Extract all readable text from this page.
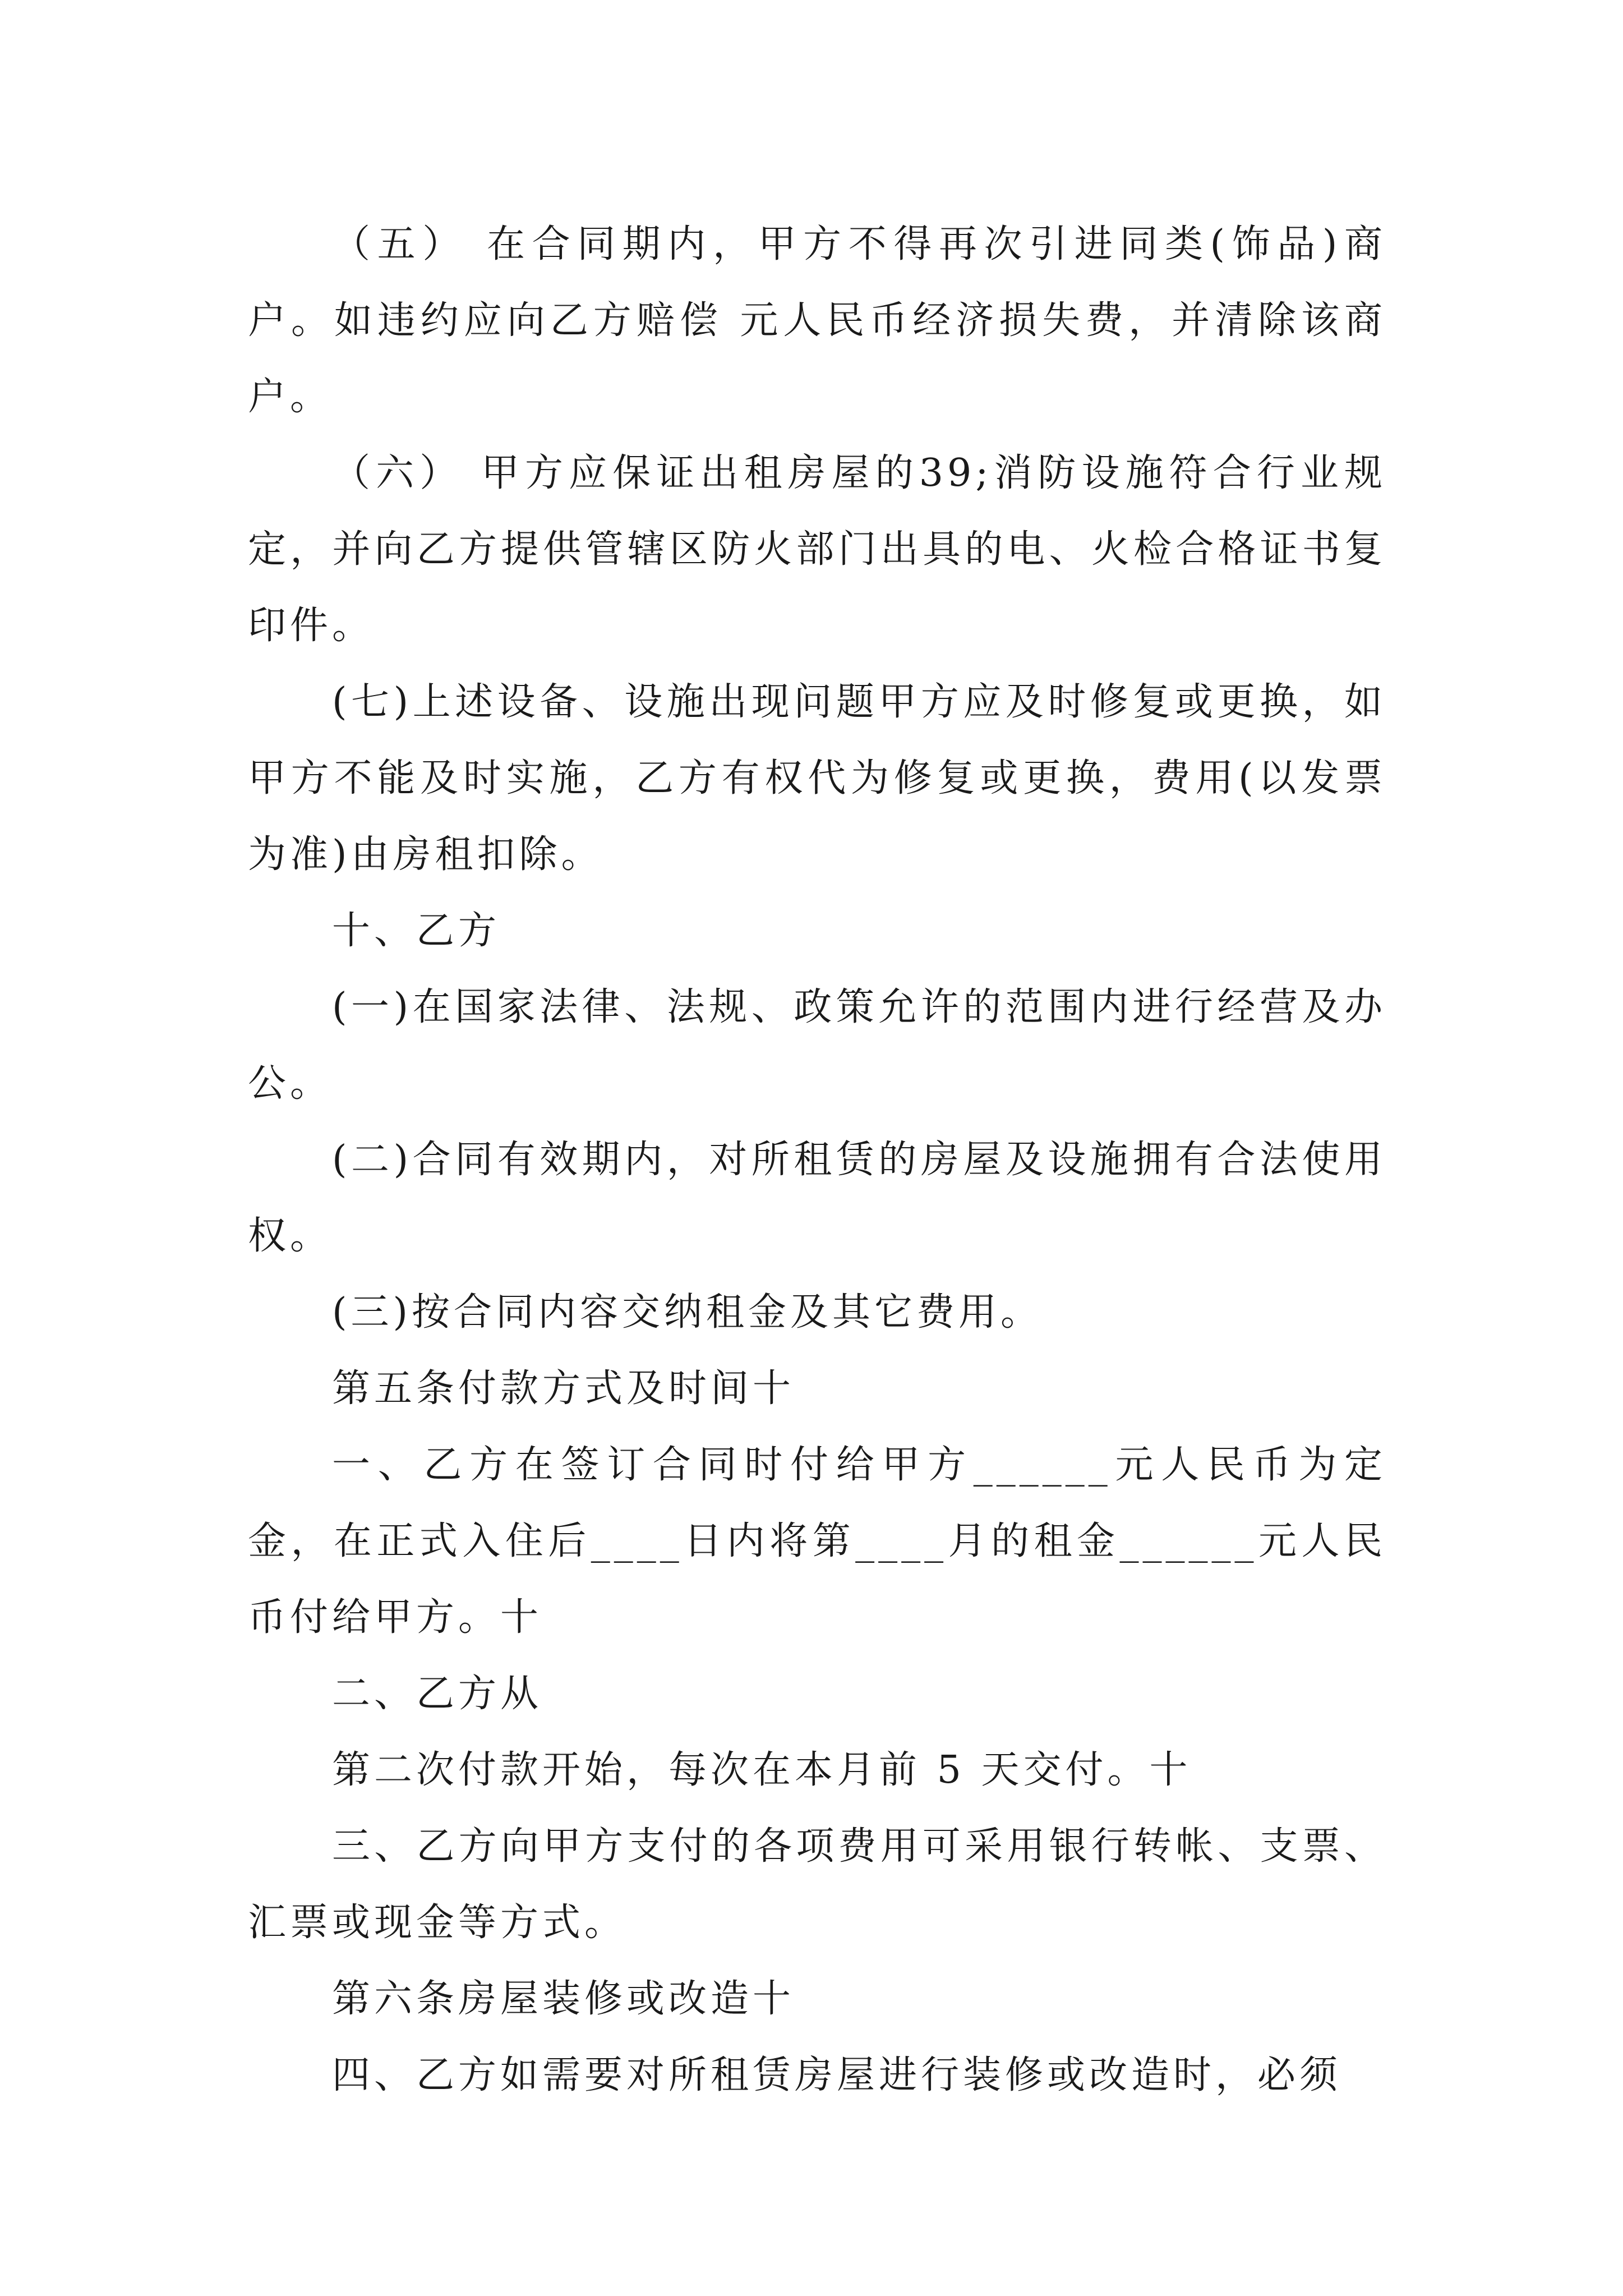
（五） 在合同期内，甲方不得再次引进同类(饰品)商户。如违约应向乙方赔偿 元人民币经济损失费，并清除该商户。

（六） 甲方应保证出租房屋的39;消防设施符合行业规定，并向乙方提供管辖区防火部门出具的电、火检合格证书复印件。

(七)上述设备、设施出现问题甲方应及时修复或更换，如甲方不能及时实施，乙方有权代为修复或更换，费用(以发票为准)由房租扣除。

十、乙方

(一)在国家法律、法规、政策允许的范围内进行经营及办公。

(二)合同有效期内，对所租赁的房屋及设施拥有合法使用权。

(三)按合同内容交纳租金及其它费用。

第五条付款方式及时间十

一、乙方在签订合同时付给甲方______元人民币为定金，在正式入住后____日内将第____月的租金______元人民币付给甲方。十

二、乙方从

第二次付款开始，每次在本月前 5 天交付。十

三、乙方向甲方支付的各项费用可采用银行转帐、支票、汇票或现金等方式。

第六条房屋装修或改造十

四、乙方如需要对所租赁房屋进行装修或改造时，必须
